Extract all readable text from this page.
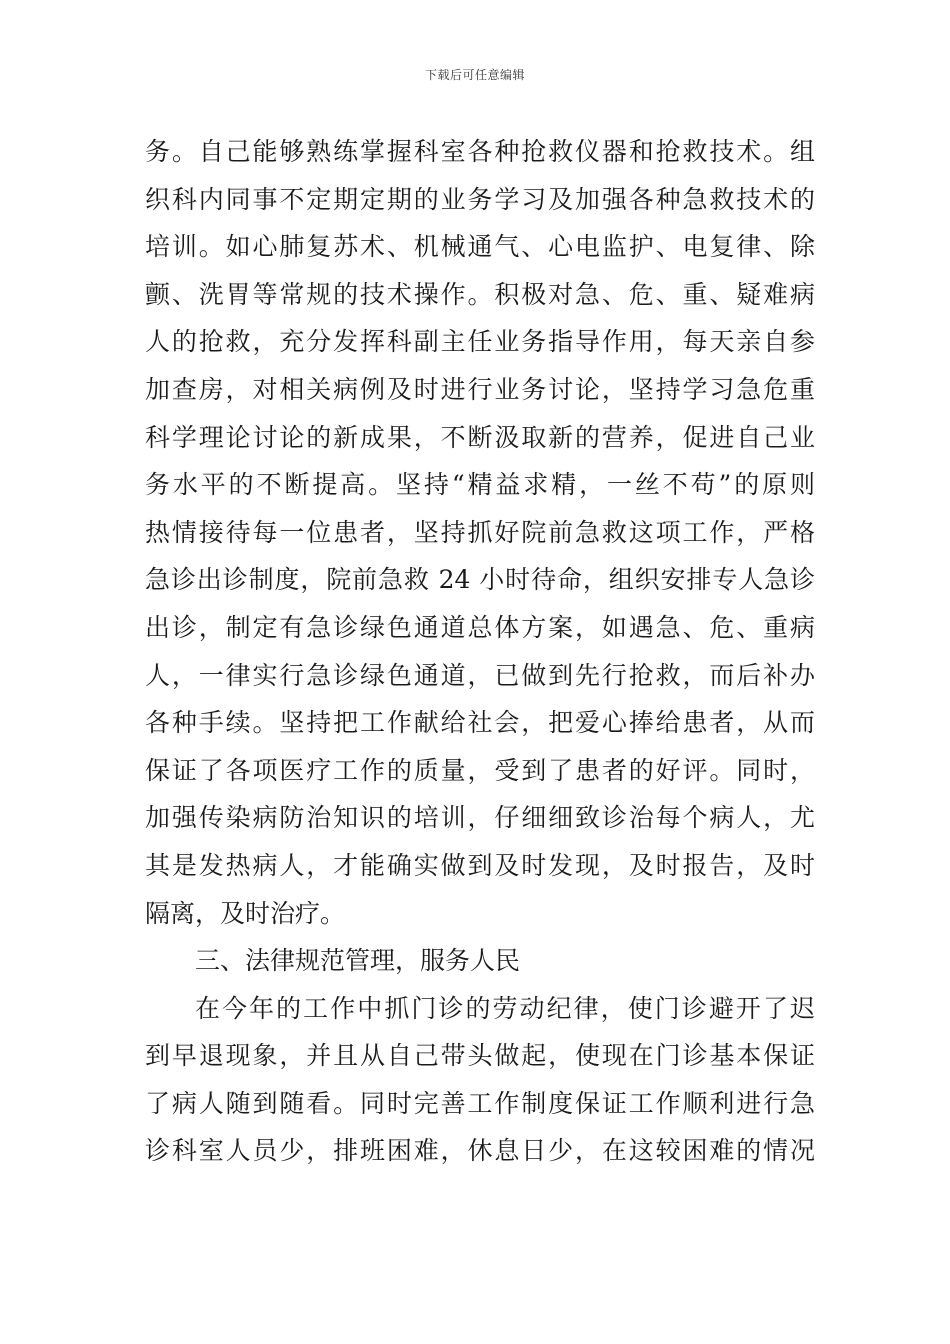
下载后可任意编辑
务。自己能够熟练掌握科室各种抢救仪器和抢救技术。组
织科内同事不定期定期的业务学习及加强各种急救技术的
培训。如心肺复苏术、机械通气、心电监护、电复律、除
颤、洗胃等常规的技术操作。积极对急、危、重、疑难病
人的抢救，充分发挥科副主任业务指导作用，每天亲自参
加查房，对相关病例及时进行业务讨论，坚持学习急危重
科学理论讨论的新成果，不断汲取新的营养，促进自己业
务水平的不断提高。坚持“精益求精，一丝不苟”的原则
热情接待每一位患者，坚持抓好院前急救这项工作，严格
急诊出诊制度，院前急救 24 小时待命，组织安排专人急诊
出诊，制定有急诊绿色通道总体方案，如遇急、危、重病
人，一律实行急诊绿色通道，已做到先行抢救，而后补办
各种手续。坚持把工作献给社会，把爱心捧给患者，从而
保证了各项医疗工作的质量，受到了患者的好评。同时，
加强传染病防治知识的培训，仔细细致诊治每个病人，尤
其是发热病人，才能确实做到及时发现，及时报告，及时
隔离，及时治疗。
三、法律规范管理，服务人民
在今年的工作中抓门诊的劳动纪律，使门诊避开了迟
到早退现象，并且从自己带头做起，使现在门诊基本保证
了病人随到随看。同时完善工作制度保证工作顺利进行急
诊科室人员少，排班困难，休息日少，在这较困难的情况
